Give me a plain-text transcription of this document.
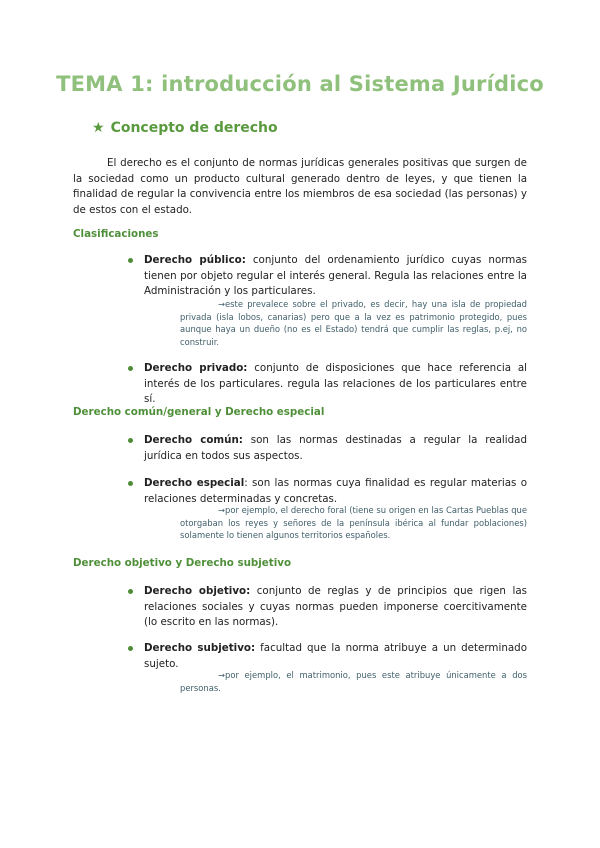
TEMA 1: introducción al Sistema Jurídico
★ Concepto de derecho

El derecho es el conjunto de normas jurídicas generales positivas que surgen de la sociedad como un producto cultural generado dentro de leyes, y que tienen la finalidad de regular la convivencia entre los miembros de esa sociedad (las personas) y de estos con el estado.

Clasificaciones
Derecho público: conjunto del ordenamiento jurídico cuyas normas tienen por objeto regular el interés general. Regula las relaciones entre la Administración y los particulares.

→este prevalece sobre el privado, es decir, hay una isla de propiedad privada (isla lobos, canarias) pero que a la vez es patrimonio protegido, pues aunque haya un dueño (no es el Estado) tendrá que cumplir las reglas, p.ej, no construir.

Derecho privado: conjunto de disposiciones que hace referencia al interés de los particulares. regula las relaciones de los particulares entre sí.
Derecho común/general y Derecho especial
Derecho común: son las normas destinadas a regular la realidad jurídica en todos sus aspectos.
Derecho especial: son las normas cuya finalidad es regular materias o relaciones determinadas y concretas.

→por ejemplo, el derecho foral (tiene su origen en las Cartas Pueblas que otorgaban los reyes y señores de la península ibérica al fundar poblaciones) solamente lo tienen algunos territorios españoles.

Derecho objetivo y Derecho subjetivo
Derecho objetivo: conjunto de reglas y de principios que rigen las relaciones sociales y cuyas normas pueden imponerse coercitivamente (lo escrito en las normas).
Derecho subjetivo: facultad que la norma atribuye a un determinado sujeto.

→por ejemplo, el matrimonio, pues este atribuye únicamente a dos personas.
